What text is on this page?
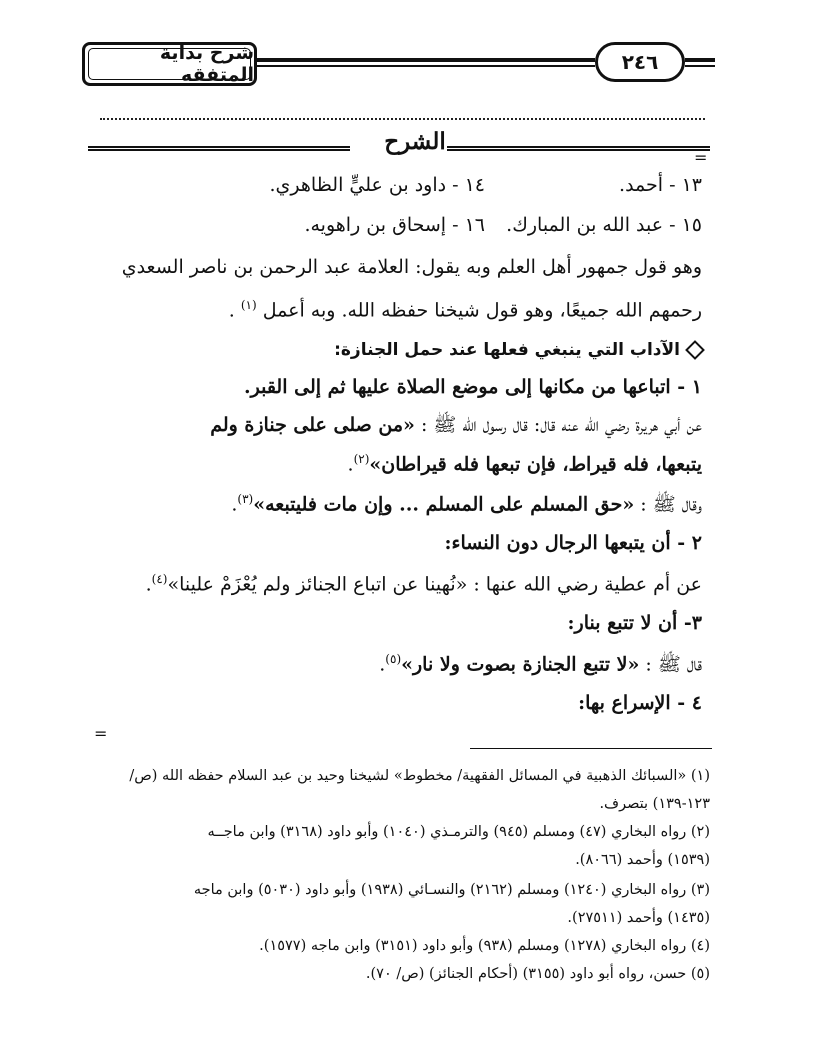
شرح بداية المتفقه
٢٤٦
الشرح
=
١٣ - أحمد.
١٤ - داود بن عليٍّ الظاهري.
١٥ - عبد الله بن المبارك.
١٦ - إسحاق بن راهويه.
وهو قول جمهور أهل العلم وبه يقول: العلامة عبد الرحمن بن ناصر السعدي
رحمهم الله جميعًا، وهو قول شيخنا حفظه الله. وبه أعمل $^{(١)}$ .
الآداب التي ينبغي فعلها عند حمل الجنازة:
١ - اتباعها من مكانها إلى موضع الصلاة عليها ثم إلى القبر.
عن أبي هريرة رضي الله عنه قال: قال رسول الله ﷺ : «من صلى على جنازة ولم
يتبعها، فله قيراط، فإن تبعها فله قيراطان»$^{(٢)}$.
وقال ﷺ : «حق المسلم على المسلم ... وإن مات فليتبعه»$^{(٣)}$.
٢ - أن يتبعها الرجال دون النساء:
عن أم عطية رضي الله عنها : «نُهينا عن اتباع الجنائز ولم يُعْزَمْ علينا»$^{(٤)}$.
٣- أن لا تتبع بنار:
قال ﷺ : «لا تتبع الجنازة بصوت ولا نار»$^{(٥)}$.
٤ - الإسراع بها:
=
(١) «السبائك الذهبية في المسائل الفقهية/ مخطوط» لشيخنا وحيد بن عبد السلام حفظه الله (ص/
١٢٣-١٣٩) بتصرف.
(٢) رواه البخاري (٤٧) ومسلم (٩٤٥) والترمـذي (١٠٤٠) وأبو داود (٣١٦٨) وابن ماجــه
(١٥٣٩) وأحمد (٨٠٦٦).
(٣) رواه البخاري (١٢٤٠) ومسلم (٢١٦٢) والنسـائي (١٩٣٨) وأبو داود (٥٠٣٠) وابن ماجه
(١٤٣٥) وأحمد (٢٧٥١١).
(٤) رواه البخاري (١٢٧٨) ومسلم (٩٣٨) وأبو داود (٣١٥١) وابن ماجه (١٥٧٧).
(٥) حسن، رواه أبو داود (٣١٥٥) (أحكام الجنائز) (ص/ ٧٠).
